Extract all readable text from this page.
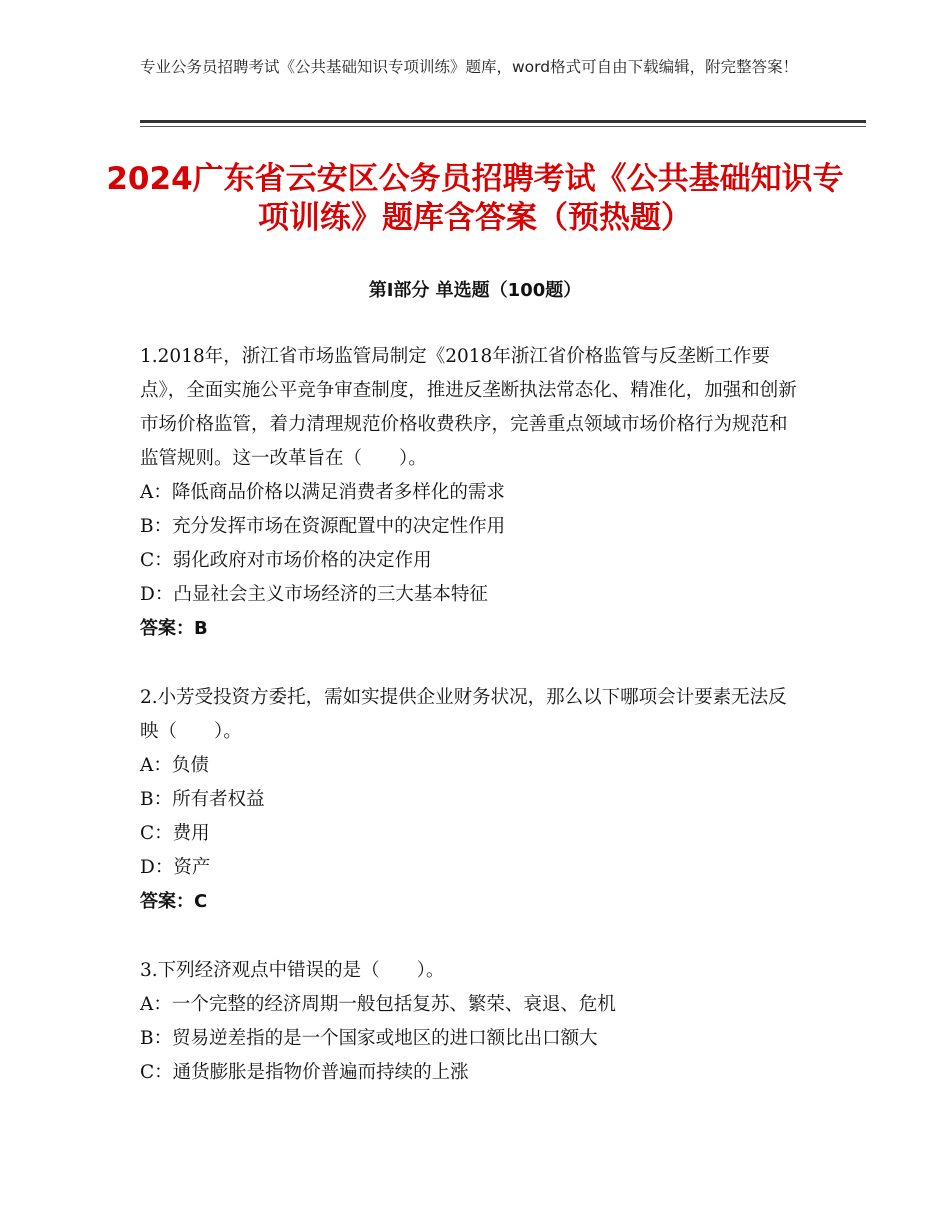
专业公务员招聘考试《公共基础知识专项训练》题库，word格式可自由下载编辑，附完整答案！
2024广东省云安区公务员招聘考试《公共基础知识专项训练》题库含答案（预热题）
第Ⅰ部分 单选题（100题）

1.2018年，浙江省市场监管局制定《2018年浙江省价格监管与反垄断工作要点》，全面实施公平竞争审查制度，推进反垄断执法常态化、精准化，加强和创新市场价格监管，着力清理规范价格收费秩序，完善重点领域市场价格行为规范和监管规则。这一改革旨在（　　）。

A：降低商品价格以满足消费者多样化的需求

B：充分发挥市场在资源配置中的决定性作用

C：弱化政府对市场价格的决定作用

D：凸显社会主义市场经济的三大基本特征

答案：B

2.小芳受投资方委托，需如实提供企业财务状况，那么以下哪项会计要素无法反映（　　）。

A：负债

B：所有者权益

C：费用

D：资产

答案：C

3.下列经济观点中错误的是（　　）。

A：一个完整的经济周期一般包括复苏、繁荣、衰退、危机

B：贸易逆差指的是一个国家或地区的进口额比出口额大

C：通货膨胀是指物价普遍而持续的上涨
